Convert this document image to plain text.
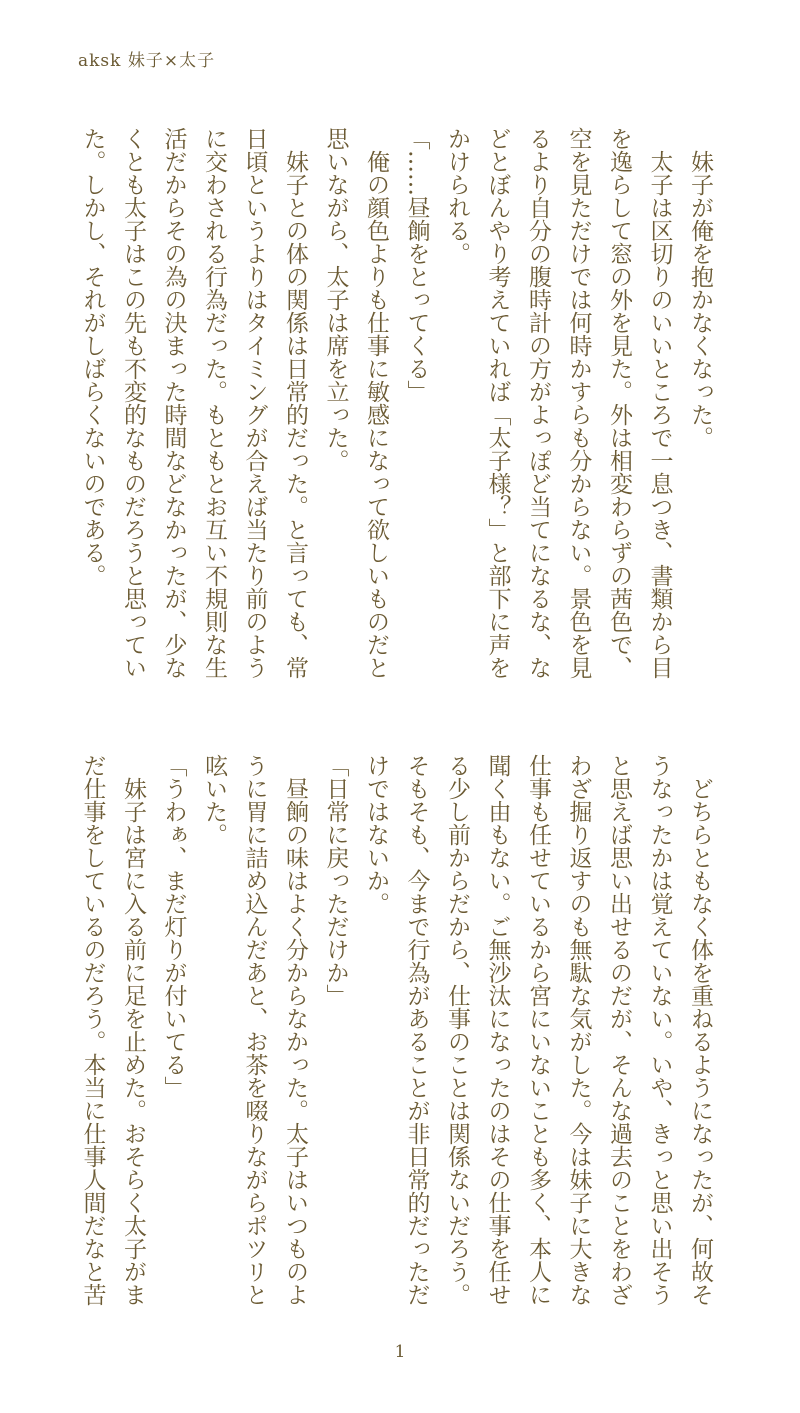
aksk 妹子×太子

妹子が俺を抱かなくなった。

太子は区切りのいいところで一息つき、書類から目を逸らして窓の外を見た。外は相変わらずの茜色で、空を見ただけでは何時かすらも分からない。景色を見るより自分の腹時計の方がよっぽど当てになるな、などとぼんやり考えていれば「太子様？」と部下に声をかけられる。

「……昼餉をとってくる」

俺の顔色よりも仕事に敏感になって欲しいものだと思いながら、太子は席を立った。

妹子との体の関係は日常的だった。と言っても、常日頃というよりはタイミングが合えば当たり前のように交わされる行為だった。もともとお互い不規則な生活だからその為の決まった時間などなかったが、少なくとも太子はこの先も不変的なものだろうと思っていた。しかし、それがしばらくないのである。

どちらともなく体を重ねるようになったが、何故そうなったかは覚えていない。いや、きっと思い出そうと思えば思い出せるのだが、そんな過去のことをわざわざ掘り返すのも無駄な気がした。今は妹子に大きな仕事も任せているから宮にいないことも多く、本人に聞く由もない。ご無沙汰になったのはその仕事を任せる少し前からだから、仕事のことは関係ないだろう。そもそも、今まで行為があることが非日常的だっただけではないか。

「日常に戻っただけか」

昼餉の味はよく分からなかった。太子はいつものように胃に詰め込んだあと、お茶を啜りながらポツリと呟いた。

「うわぁ、まだ灯りが付いてる」

妹子は宮に入る前に足を止めた。おそらく太子がまだ仕事をしているのだろう。本当に仕事人間だなと苦

1
